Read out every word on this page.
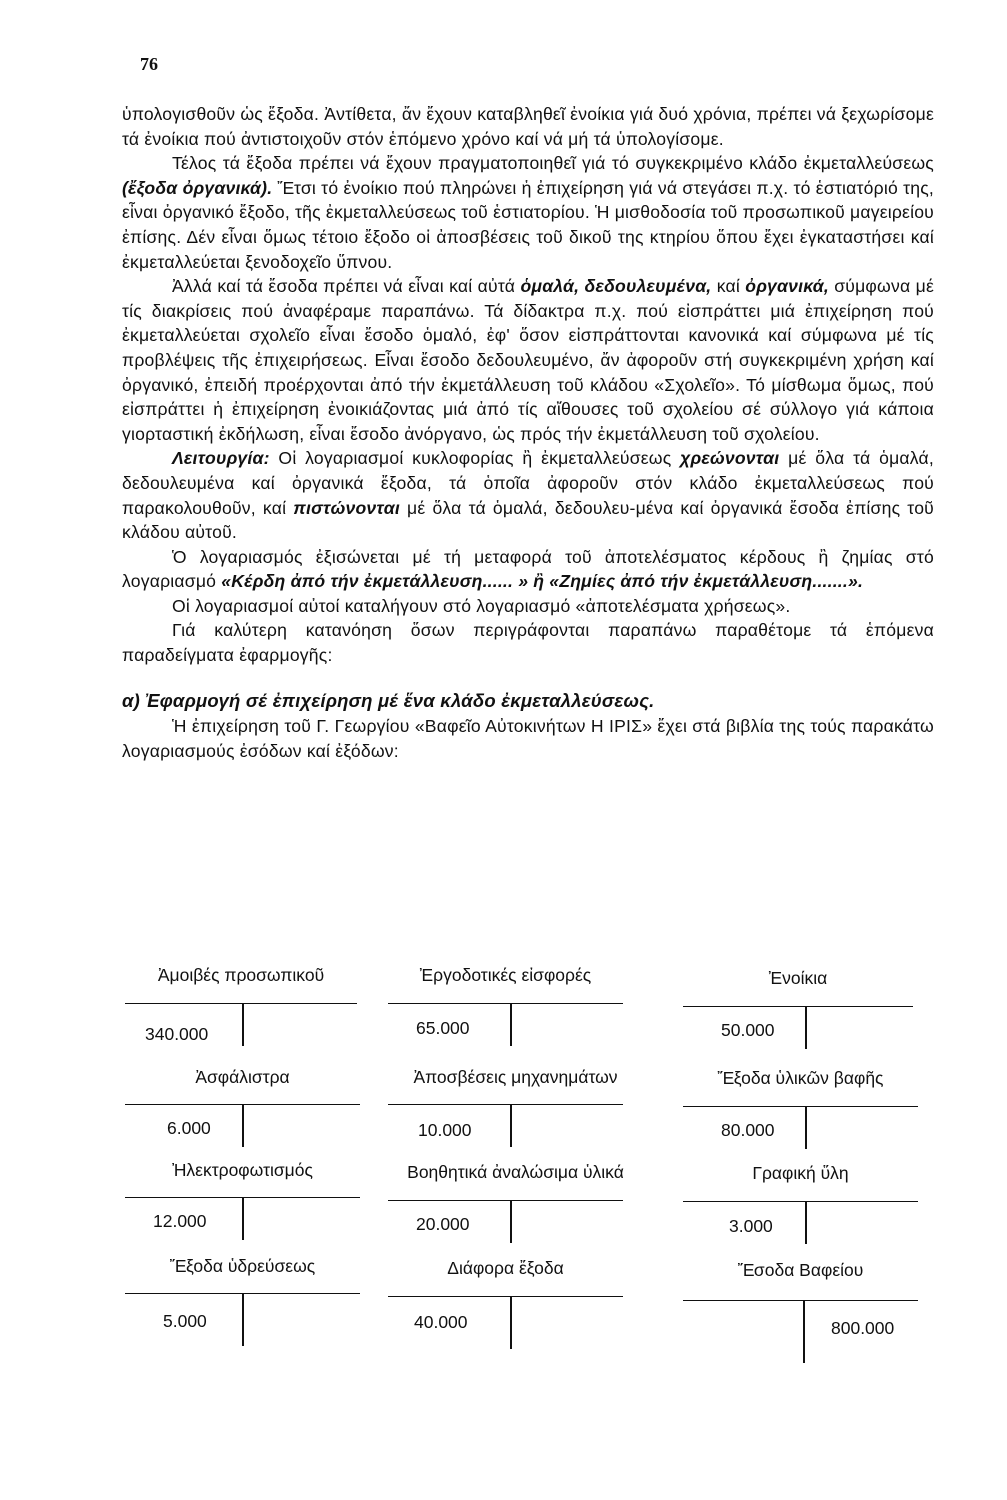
76

ὑπολογισθοῦν ὡς ἔξοδα. Ἀντίθετα, ἄν ἔχουν καταβληθεῖ ἐνοίκια γιά δυό χρόνια, πρέπει νά ξεχωρίσομε τά ἐνοίκια πού ἀντιστοιχοῦν στόν ἑπόμενο χρόνο καί νά μή τά ὑπολογίσομε.

Τέλος τά ἔξοδα πρέπει νά ἔχουν πραγματοποιηθεῖ γιά τό συγκεκριμένο κλάδο ἐκμεταλλεύσεως (ἔξοδα ὀργανικά). Ἔτσι τό ἐνοίκιο πού πληρώνει ἡ ἐπιχείρηση γιά νά στεγάσει π.χ. τό ἑστιατόριό της, εἶναι ὀργανικό ἔξοδο, τῆς ἐκμεταλλεύσεως τοῦ ἑστιατορίου. Ἡ μισθοδοσία τοῦ προσωπικοῦ μαγειρείου ἐπίσης. Δέν εἶναι ὅμως τέτοιο ἔξοδο οἱ ἀποσβέσεις τοῦ δικοῦ της κτηρίου ὅπου ἔχει ἐγκαταστήσει καί ἐκμεταλλεύεται ξενοδοχεῖο ὕπνου.

Ἀλλά καί τά ἔσοδα πρέπει νά εἶναι καί αὐτά ὁμαλά, δεδουλευμένα, καί ὀργανικά, σύμφωνα μέ τίς διακρίσεις πού ἀναφέραμε παραπάνω. Τά δίδακτρα π.χ. πού εἰσπράττει μιά ἐπιχείρηση πού ἐκμεταλλεύεται σχολεῖο εἶναι ἔσοδο ὁμαλό, ἐφ' ὅσον εἰσπράττονται κανονικά καί σύμφωνα μέ τίς προβλέψεις τῆς ἐπιχειρήσεως. Εἶναι ἔσοδο δεδουλευμένο, ἄν ἀφοροῦν στή συγκεκριμένη χρήση καί ὀργανικό, ἐπειδή προέρχονται ἀπό τήν ἐκμετάλλευση τοῦ κλάδου «Σχολεῖο». Τό μίσθωμα ὅμως, πού εἰσπράττει ἡ ἐπιχείρηση ἐνοικιάζοντας μιά ἀπό τίς αἴθουσες τοῦ σχολείου σέ σύλλογο γιά κάποια γιορταστική ἐκδήλωση, εἶναι ἔσοδο ἀνόργανο, ὡς πρός τήν ἐκμετάλλευση τοῦ σχολείου.

Λειτουργία: Οἱ λογαριασμοί κυκλοφορίας ἢ ἐκμεταλλεύσεως χρεώνονται μέ ὅλα τά ὁμαλά, δεδουλευμένα καί ὀργανικά ἔξοδα, τά ὁποῖα ἀφοροῦν στόν κλάδο ἐκμεταλλεύσεως πού παρακολουθοῦν, καί πιστώνονται μέ ὅλα τά ὁμαλά, δεδουλευ-μένα καί ὀργανικά ἔσοδα ἐπίσης τοῦ κλάδου αὐτοῦ.

Ὁ λογαριασμός ἐξισώνεται μέ τή μεταφορά τοῦ ἀποτελέσματος κέρδους ἢ ζημίας στό λογαριασμό «Κέρδη ἀπό τήν ἐκμετάλλευση...... » ἢ «Ζημίες ἀπό τήν ἐκμετάλλευση.......».

Οἱ λογαριασμοί αὐτοί καταλήγουν στό λογαριασμό «ἀποτελέσματα χρήσεως».

Γιά καλύτερη κατανόηση ὅσων περιγράφονται παραπάνω παραθέτομε τά ἑπόμενα παραδείγματα ἐφαρμογῆς:

α) Ἐφαρμογή σέ ἐπιχείρηση μέ ἕνα κλάδο ἐκμεταλλεύσεως.

Ἡ ἐπιχείρηση τοῦ Γ. Γεωργίου «Βαφεῖο Αὐτοκινήτων Η ΙΡΙΣ» ἔχει στά βιβλία της τούς παρακάτω λογαριασμούς ἐσόδων καί ἐξόδων:

Ἀμοιβές προσωπικοῦ
340.000
Ἐργοδοτικές εἰσφορές
65.000
Ἐνοίκια
50.000
Ἀσφάλιστρα
6.000
Ἀποσβέσεις μηχανημάτων
10.000
Ἔξοδα ὑλικῶν βαφῆς
80.000
Ἠλεκτροφωτισμός
12.000
Βοηθητικά ἀναλώσιμα ὑλικά
20.000
Γραφική ὕλη
3.000
Ἔξοδα ὑδρεύσεως
5.000
Διάφορα ἔξοδα
40.000
Ἔσοδα Βαφείου
800.000
